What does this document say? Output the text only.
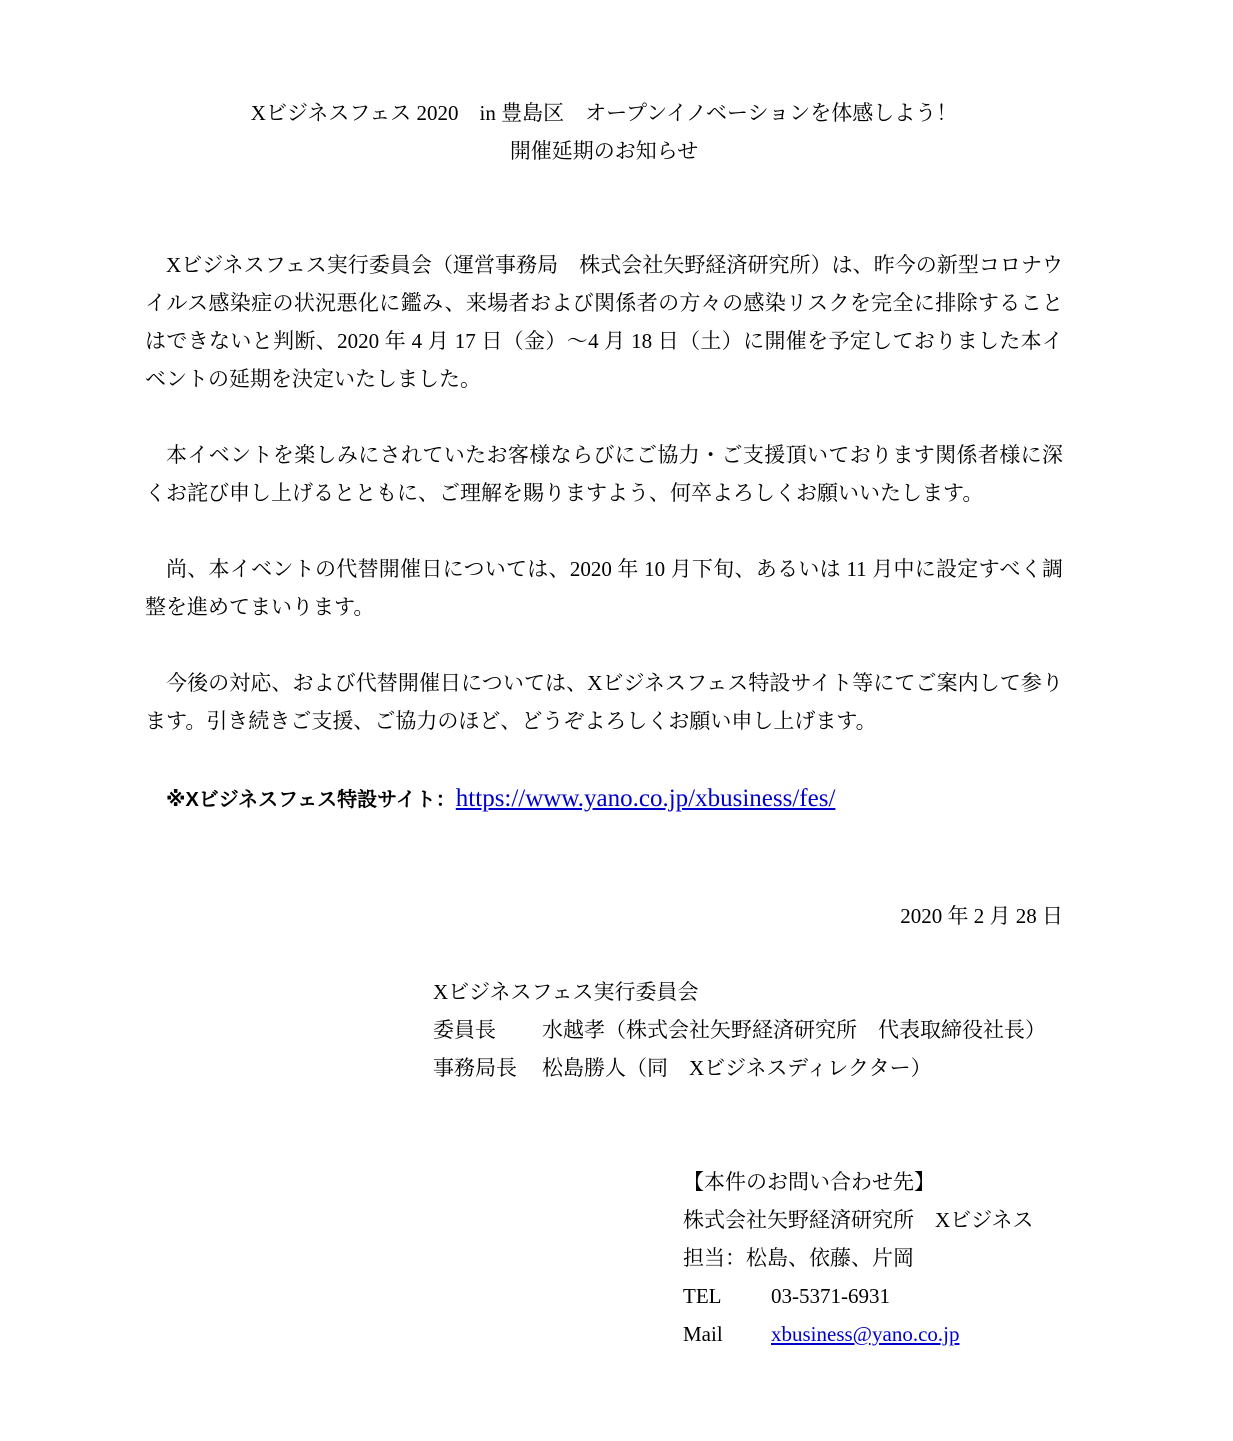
Xビジネスフェス 2020　in 豊島区　オープンイノベーションを体感しよう！
開催延期のお知らせ

Xビジネスフェス実行委員会（運営事務局　株式会社矢野経済研究所）は、昨今の新型コロナウイルス感染症の状況悪化に鑑み、来場者および関係者の方々の感染リスクを完全に排除することはできないと判断、2020 年 4 月 17 日（金）～4 月 18 日（土）に開催を予定しておりました本イベントの延期を決定いたしました。

本イベントを楽しみにされていたお客様ならびにご協力・ご支援頂いております関係者様に深くお詫び申し上げるとともに、ご理解を賜りますよう、何卒よろしくお願いいたします。

尚、本イベントの代替開催日については、2020 年 10 月下旬、あるいは 11 月中に設定すべく調整を進めてまいります。

今後の対応、および代替開催日については、Xビジネスフェス特設サイト等にてご案内して参ります。引き続きご支援、ご協力のほど、どうぞよろしくお願い申し上げます。

※Xビジネスフェス特設サイト：https://www.yano.co.jp/xbusiness/fes/
2020 年 2 月 28 日
Xビジネスフェス実行委員会
委員長	水越孝（株式会社矢野経済研究所　代表取締役社長）
事務局長	松島勝人（同　Xビジネスディレクター）
【本件のお問い合わせ先】
株式会社矢野経済研究所　Xビジネス
担当：松島、依藤、片岡
TEL	03-5371-6931
Mail	xbusiness@yano.co.jp
